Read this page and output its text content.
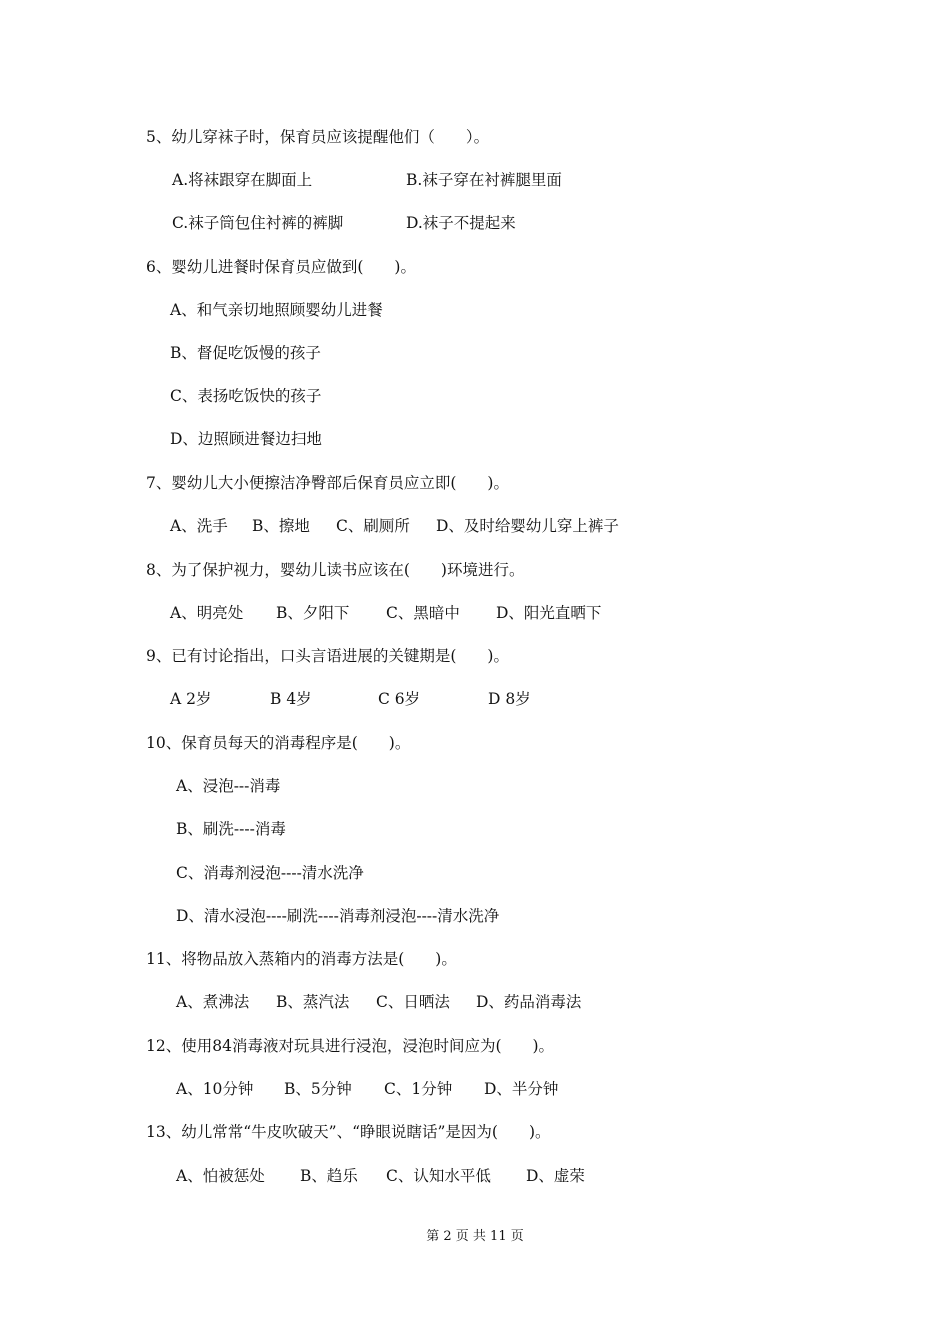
5、幼儿穿袜子时，保育员应该提醒他们（　　）。
A.将袜跟穿在脚面上	B.袜子穿在衬裤腿里面
C.袜子筒包住衬裤的裤脚	D.袜子不提起来
6、婴幼儿进餐时保育员应做到(　　)。
A、和气亲切地照顾婴幼儿进餐
B、督促吃饭慢的孩子
C、表扬吃饭快的孩子
D、边照顾进餐边扫地
7、婴幼儿大小便擦洁净臀部后保育员应立即(　　)。
A、洗手	B、擦地	C、刷厕所	D、及时给婴幼儿穿上裤子
8、为了保护视力，婴幼儿读书应该在(　　)环境进行。
A、明亮处	B、夕阳下	C、黑暗中	D、阳光直晒下
9、已有讨论指出，口头言语进展的关键期是(　　)。
A 2岁	B 4岁	C 6岁	D 8岁
10、保育员每天的消毒程序是(　　)。
A、浸泡---消毒
B、刷洗----消毒
C、消毒剂浸泡----清水洗净
D、清水浸泡----刷洗----消毒剂浸泡----清水洗净
11、将物品放入蒸箱内的消毒方法是(　　)。
A、煮沸法	B、蒸汽法	C、日晒法	D、药品消毒法
12、使用84消毒液对玩具进行浸泡，浸泡时间应为(　　)。
A、10分钟	B、5分钟	C、1分钟	D、半分钟
13、幼儿常常“牛皮吹破天”、“睁眼说瞎话”是因为(　　)。
A、怕被惩处	B、趋乐	C、认知水平低	D、虚荣
第 2 页 共 11 页
